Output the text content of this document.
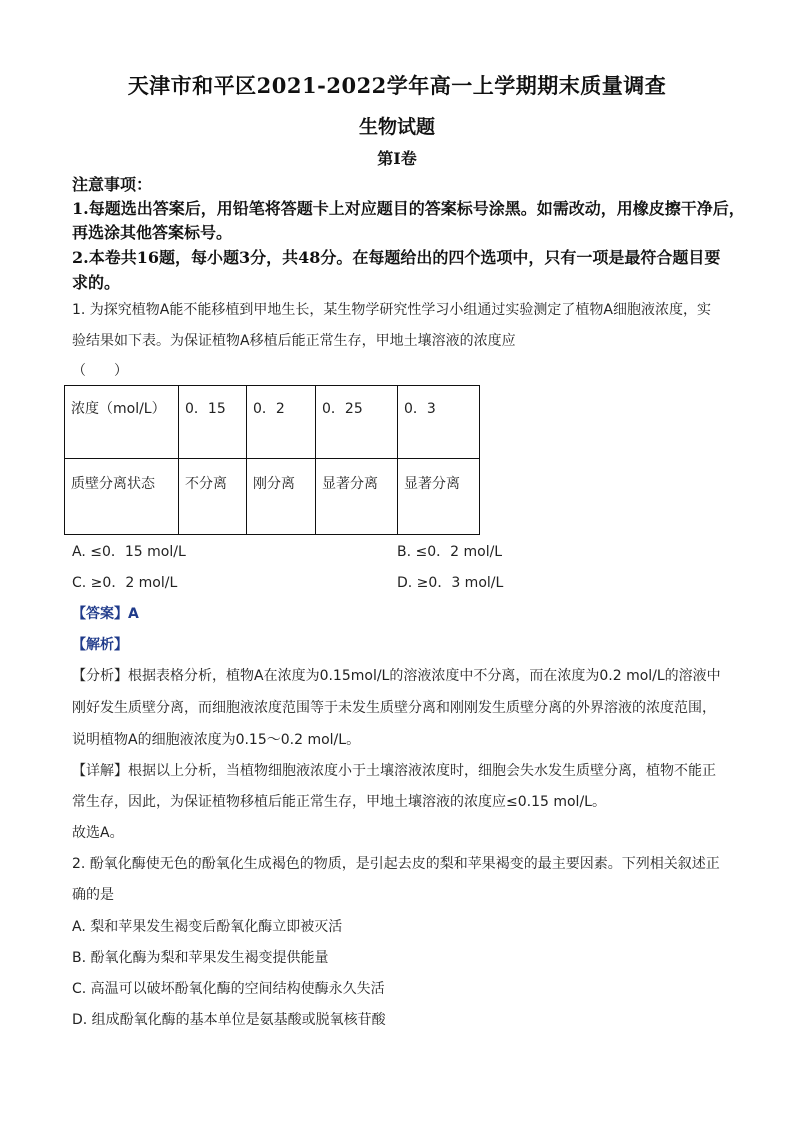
天津市和平区2021-2022学年高一上学期期末质量调查
生物试题
第I卷
注意事项：
1.每题选出答案后，用铅笔将答题卡上对应题目的答案标号涂黑。如需改动，用橡皮擦干净后，
再选涂其他答案标号。
2.本卷共16题，每小题3分，共48分。在每题给出的四个选项中，只有一项是最符合题目要
求的。
1. 为探究植物A能不能移植到甲地生长，某生物学研究性学习小组通过实验测定了植物A细胞液浓度，实
验结果如下表。为保证植物A移植后能正常生存，甲地土壤溶液的浓度应
（　　）
浓度（mol/L）	0．15	0．2	0．25	0．3
质壁分离状态	不分离	刚分离	显著分离	显著分离
A. ≤0．15 mol/L	B. ≤0．2 mol/L
C. ≥0．2 mol/L	D. ≥0．3 mol/L
【答案】A
【解析】
【分析】根据表格分析，植物A在浓度为0.15mol/L的溶液浓度中不分离，而在浓度为0.2 mol/L的溶液中
刚好发生质壁分离，而细胞液浓度范围等于未发生质壁分离和刚刚发生质壁分离的外界溶液的浓度范围，
说明植物A的细胞液浓度为0.15～0.2 mol/L。
【详解】根据以上分析，当植物细胞液浓度小于土壤溶液浓度时，细胞会失水发生质壁分离，植物不能正
常生存，因此，为保证植物移植后能正常生存，甲地土壤溶液的浓度应≤0.15 mol/L。
故选A。
2. 酚氧化酶使无色的酚氧化生成褐色的物质，是引起去皮的梨和苹果褐变的最主要因素。下列相关叙述正
确的是
A. 梨和苹果发生褐变后酚氧化酶立即被灭活
B. 酚氧化酶为梨和苹果发生褐变提供能量
C. 高温可以破坏酚氧化酶的空间结构使酶永久失活
D. 组成酚氧化酶的基本单位是氨基酸或脱氧核苷酸
